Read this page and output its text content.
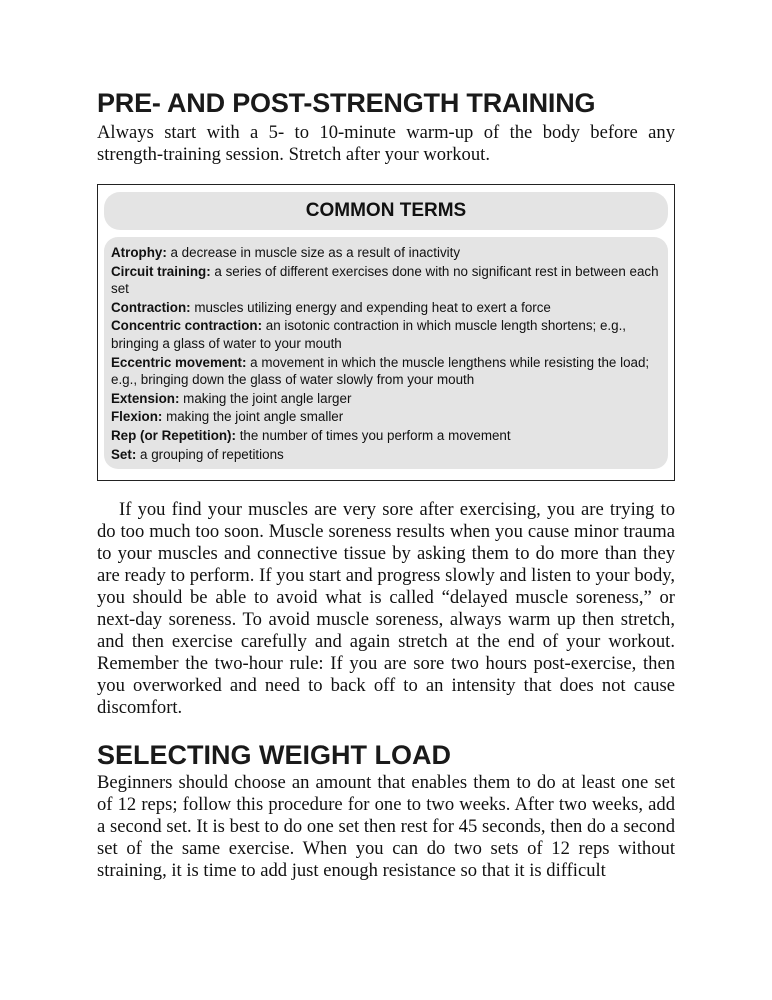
PRE- AND POST-STRENGTH TRAINING

Always start with a 5- to 10-minute warm-up of the body before any strength-training session. Stretch after your workout.

COMMON TERMS
Atrophy: a decrease in muscle size as a result of inactivity
Circuit training: a series of different exercises done with no significant rest in between each set
Contraction: muscles utilizing energy and expending heat to exert a force
Concentric contraction: an isotonic contraction in which muscle length shortens; e.g., bringing a glass of water to your mouth
Eccentric movement: a movement in which the muscle lengthens while resisting the load; e.g., bringing down the glass of water slowly from your mouth
Extension: making the joint angle larger
Flexion: making the joint angle smaller
Rep (or Repetition): the number of times you perform a movement
Set: a grouping of repetitions

If you find your muscles are very sore after exercising, you are trying to do too much too soon. Muscle soreness results when you cause minor trauma to your muscles and connective tissue by asking them to do more than they are ready to perform. If you start and progress slowly and listen to your body, you should be able to avoid what is called “delayed muscle soreness,” or next-day soreness. To avoid muscle soreness, always warm up then stretch, and then exercise carefully and again stretch at the end of your workout. Remember the two-hour rule: If you are sore two hours post-exercise, then you overworked and need to back off to an intensity that does not cause discomfort.

SELECTING WEIGHT LOAD

Beginners should choose an amount that enables them to do at least one set of 12 reps; follow this procedure for one to two weeks. After two weeks, add a second set. It is best to do one set then rest for 45 seconds, then do a second set of the same exercise. When you can do two sets of 12 reps without straining, it is time to add just enough resistance so that it is difficult
